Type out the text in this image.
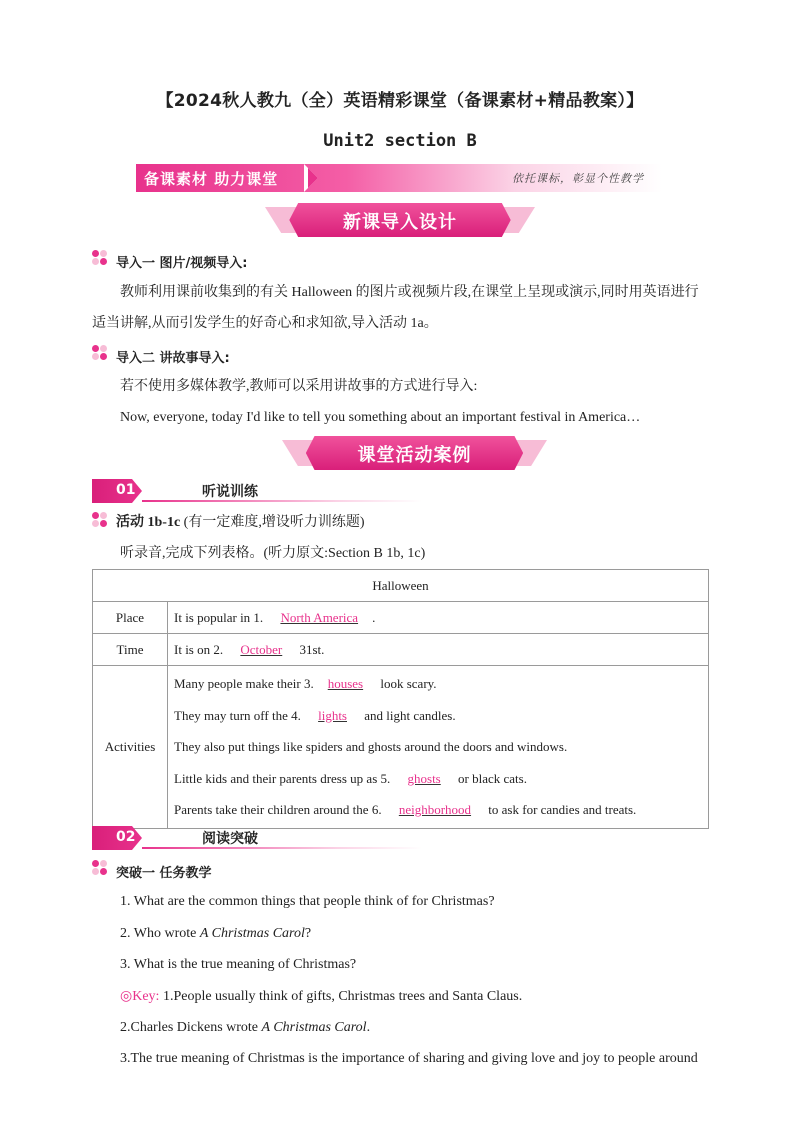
【2024秋人教九（全）英语精彩课堂（备课素材+精品教案）】
Unit2 section B
备课素材 助力课堂	依托课标，彰显个性教学
新课导入设计
导入一 图片/视频导入:
教师利用课前收集到的有关 Halloween 的图片或视频片段,在课堂上呈现或演示,同时用英语进行
适当讲解,从而引发学生的好奇心和求知欲,导入活动 1a。
导入二 讲故事导入:
若不使用多媒体教学,教师可以采用讲故事的方式进行导入:
Now, everyone, today I'd like to tell you something about an important festival in America…
课堂活动案例
01	听说训练
活动 1b-1c (有一定难度,增设听力训练题)
听录音,完成下列表格。(听力原文:Section B 1b, 1c)
Halloween	
Place	It is popular in 1. North America .
Time	It is on 2. October 31st.
Activities	Many people make their 3. houses look scary.
They may turn off the 4. lights and light candles.
They also put things like spiders and ghosts around the doors and windows.
Little kids and their parents dress up as 5. ghosts or black cats.
Parents take their children around the 6. neighborhood to ask for candies and treats.
02	阅读突破
突破一 任务教学
1. What are the common things that people think of for Christmas?
2. Who wrote A Christmas Carol?
3. What is the true meaning of Christmas?
◎Key: 1.People usually think of gifts, Christmas trees and Santa Claus.
2.Charles Dickens wrote A Christmas Carol.
3.The true meaning of Christmas is the importance of sharing and giving love and joy to people around
